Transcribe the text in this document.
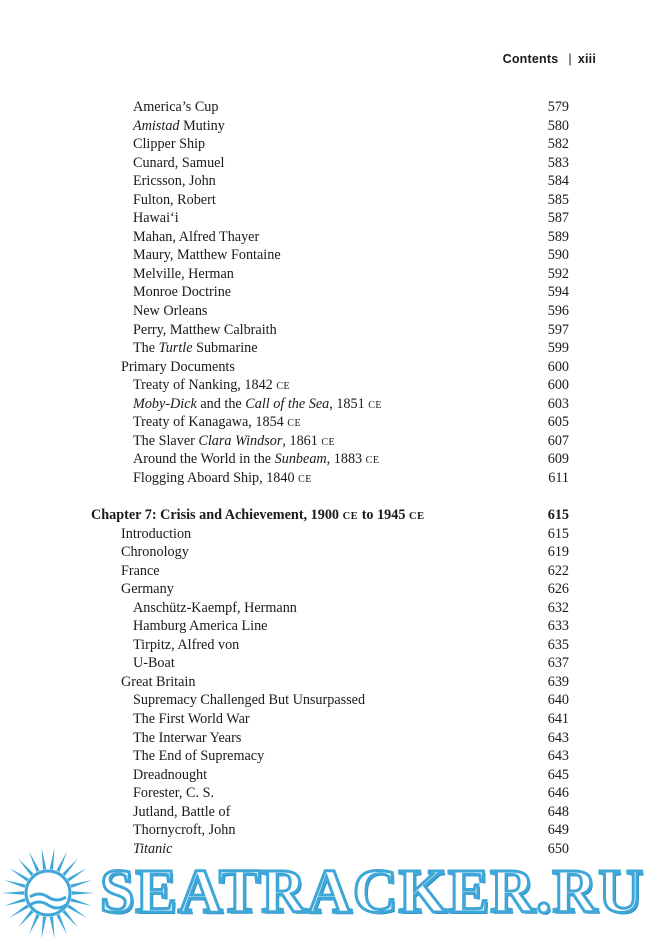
Contents | xiii
America’s Cup	579
Amistad Mutiny	580
Clipper Ship	582
Cunard, Samuel	583
Ericsson, John	584
Fulton, Robert	585
Hawai‘i	587
Mahan, Alfred Thayer	589
Maury, Matthew Fontaine	590
Melville, Herman	592
Monroe Doctrine	594
New Orleans	596
Perry, Matthew Calbraith	597
The Turtle Submarine	599
Primary Documents	600
Treaty of Nanking, 1842 CE	600
Moby-Dick and the Call of the Sea, 1851 CE	603
Treaty of Kanagawa, 1854 CE	605
The Slaver Clara Windsor, 1861 CE	607
Around the World in the Sunbeam, 1883 CE	609
Flogging Aboard Ship, 1840 CE	611
Chapter 7: Crisis and Achievement, 1900 CE to 1945 CE	615
Introduction	615
Chronology	619
France	622
Germany	626
Anschütz-Kaempf, Hermann	632
Hamburg America Line	633
Tirpitz, Alfred von	635
U-Boat	637
Great Britain	639
Supremacy Challenged But Unsurpassed	640
The First World War	641
The Interwar Years	643
The End of Supremacy	643
Dreadnought	645
Forester, C. S.	646
Jutland, Battle of	648
Thornycroft, John	649
Titanic	650
SEATRACKER.RU
